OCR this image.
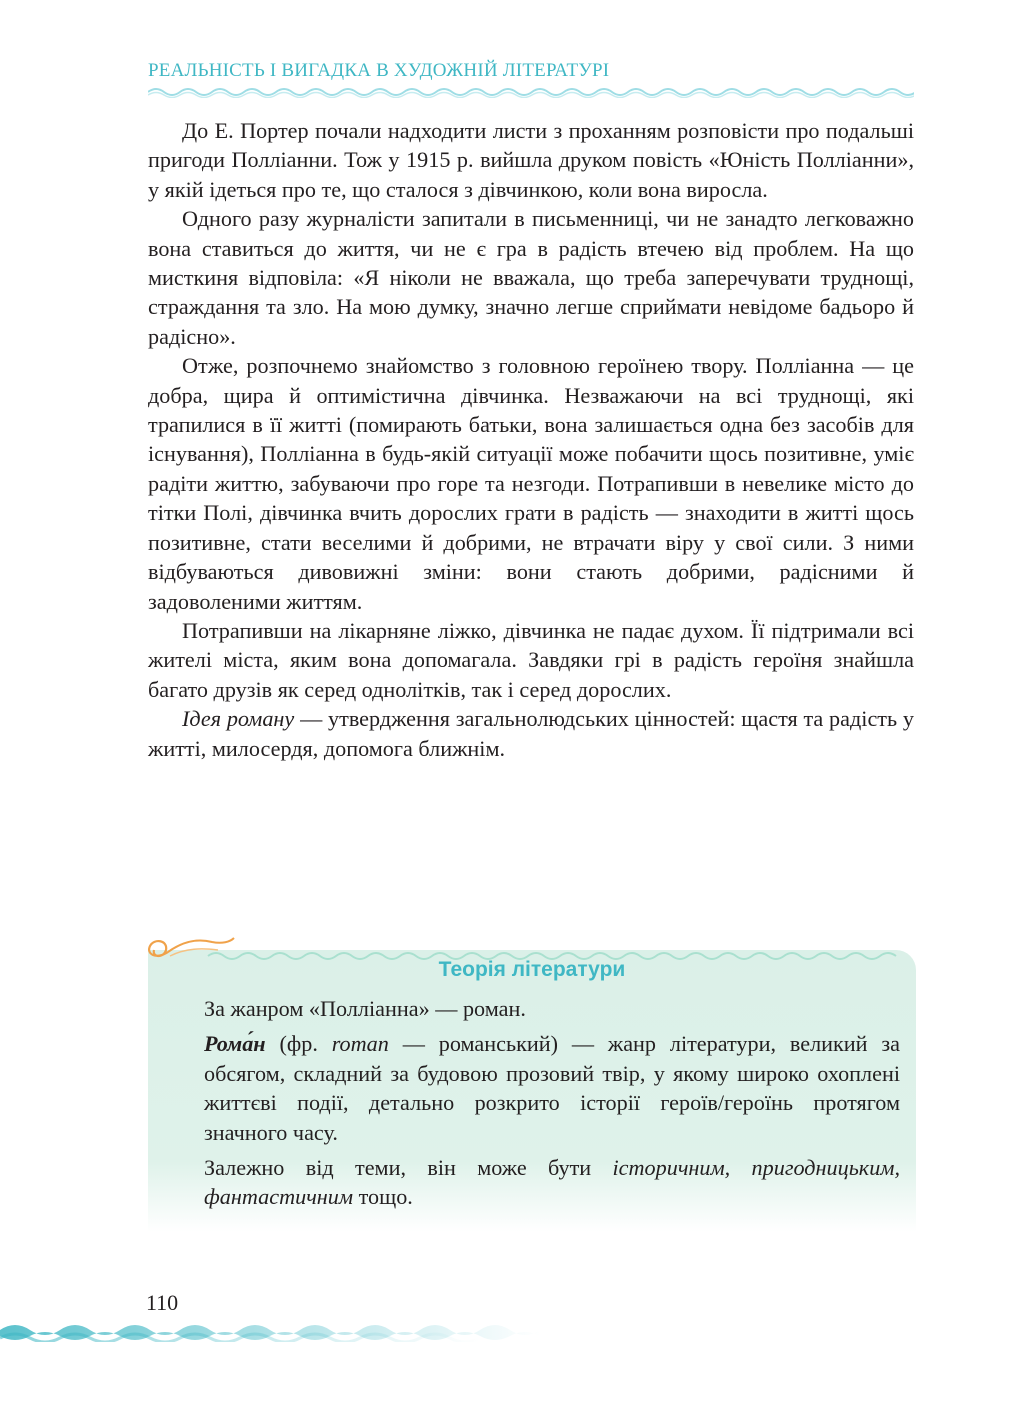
РЕАЛЬНІСТЬ І ВИГАДКА В ХУДОЖНІЙ ЛІТЕРАТУРІ

До Е. Портер почали надходити листи з проханням розповісти про подальші пригоди Полліанни. Тож у 1915 р. вийшла друком повість «Юність Полліанни», у якій ідеться про те, що сталося з дівчинкою, коли вона виросла.

Одного разу журналісти запитали в письменниці, чи не занадто легковажно вона ставиться до життя, чи не є гра в радість втечею від проблем. На що мисткиня відповіла: «Я ніколи не вважала, що треба заперечувати труднощі, страждання та зло. На мою думку, значно легше сприймати невідоме бадьоро й радісно».

Отже, розпочнемо знайомство з головною героїнею твору. Полліанна — це добра, щира й оптимістична дівчинка. Незважаючи на всі труднощі, які трапилися в її житті (помирають батьки, вона залишається одна без засобів для існування), Полліанна в будь-якій ситуації може побачити щось позитивне, уміє радіти життю, забуваючи про горе та незгоди. Потрапивши в невелике місто до тітки Полі, дівчинка вчить дорослих грати в радість — знаходити в житті щось позитивне, стати веселими й добрими, не втрачати віру у свої сили. З ними відбуваються дивовижні зміни: вони стають добрими, радісними й задоволеними життям.

Потрапивши на лікарняне ліжко, дівчинка не падає духом. Її підтримали всі жителі міста, яким вона допомагала. Завдяки грі в радість героїня знайшла багато друзів як серед однолітків, так і серед дорослих.

Ідея роману — утвердження загальнолюдських цінностей: щастя та радість у житті, милосердя, допомога ближнім.

Теорія літератури

За жанром «Полліанна» — роман.

Рома́н (фр. roman — романський) — жанр літератури, великий за обсягом, складний за будовою прозовий твір, у якому широко охоплені життєві події, детально розкрито історії героїв/героїнь протягом значного часу.

Залежно від теми, він може бути історичним, пригодницьким, фантастичним тощо.

110
